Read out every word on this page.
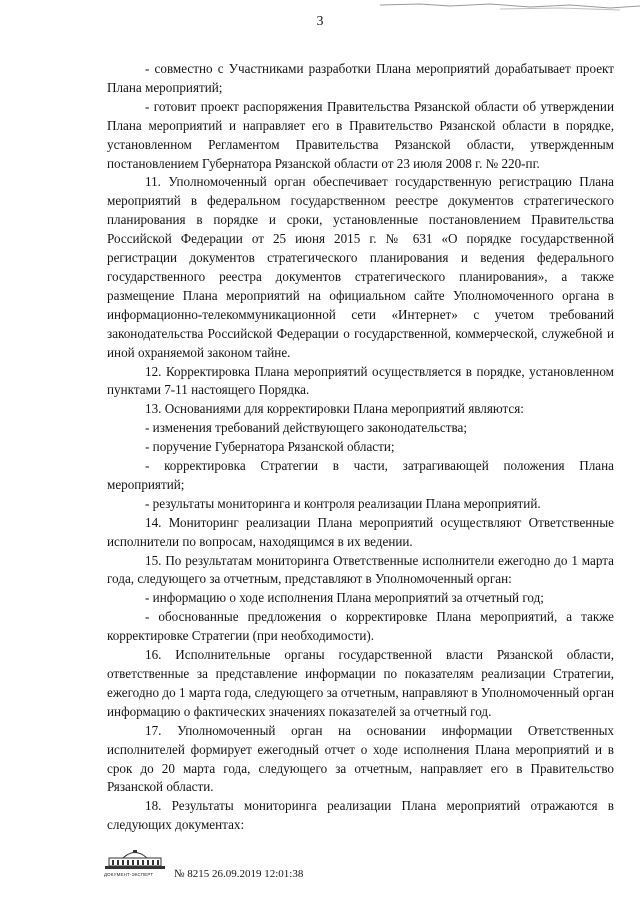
3

- совместно с Участниками разработки Плана мероприятий дорабатывает проект Плана мероприятий;

- готовит проект распоряжения Правительства Рязанской области об утверждении Плана мероприятий и направляет его в Правительство Рязанской области в порядке, установленном Регламентом Правительства Рязанской области, утвержденным постановлением Губернатора Рязанской области от 23 июля 2008 г. № 220-пг.

11. Уполномоченный орган обеспечивает государственную регистрацию Плана мероприятий в федеральном государственном реестре документов стратегического планирования в порядке и сроки, установленные постановлением Правительства Российской Федерации от 25 июня 2015 г. № 631 «О порядке государственной регистрации документов стратегического планирования и ведения федерального государственного реестра документов стратегического планирования», а также размещение Плана мероприятий на официальном сайте Уполномоченного органа в информационно-телекоммуникационной сети «Интернет» с учетом требований законодательства Российской Федерации о государственной, коммерческой, служебной и иной охраняемой законом тайне.

12. Корректировка Плана мероприятий осуществляется в порядке, установленном пунктами 7-11 настоящего Порядка.

13. Основаниями для корректировки Плана мероприятий являются:

- изменения требований действующего законодательства;

- поручение Губернатора Рязанской области;

- корректировка Стратегии в части, затрагивающей положения Плана мероприятий;

- результаты мониторинга и контроля реализации Плана мероприятий.

14. Мониторинг реализации Плана мероприятий осуществляют Ответственные исполнители по вопросам, находящимся в их ведении.

15. По результатам мониторинга Ответственные исполнители ежегодно до 1 марта года, следующего за отчетным, представляют в Уполномоченный орган:

- информацию о ходе исполнения Плана мероприятий за отчетный год;

- обоснованные предложения о корректировке Плана мероприятий, а также корректировке Стратегии (при необходимости).

16. Исполнительные органы государственной власти Рязанской области, ответственные за представление информации по показателям реализации Стратегии, ежегодно до 1 марта года, следующего за отчетным, направляют в Уполномоченный орган информацию о фактических значениях показателей за отчетный год.

17. Уполномоченный орган на основании информации Ответственных исполнителей формирует ежегодный отчет о ходе исполнения Плана мероприятий и в срок до 20 марта года, следующего за отчетным, направляет его в Правительство Рязанской области.

18. Результаты мониторинга реализации Плана мероприятий отражаются в следующих документах:

ДОКУМЕНТ-ЭКСПЕРТ	№ 8215 26.09.2019 12:01:38
